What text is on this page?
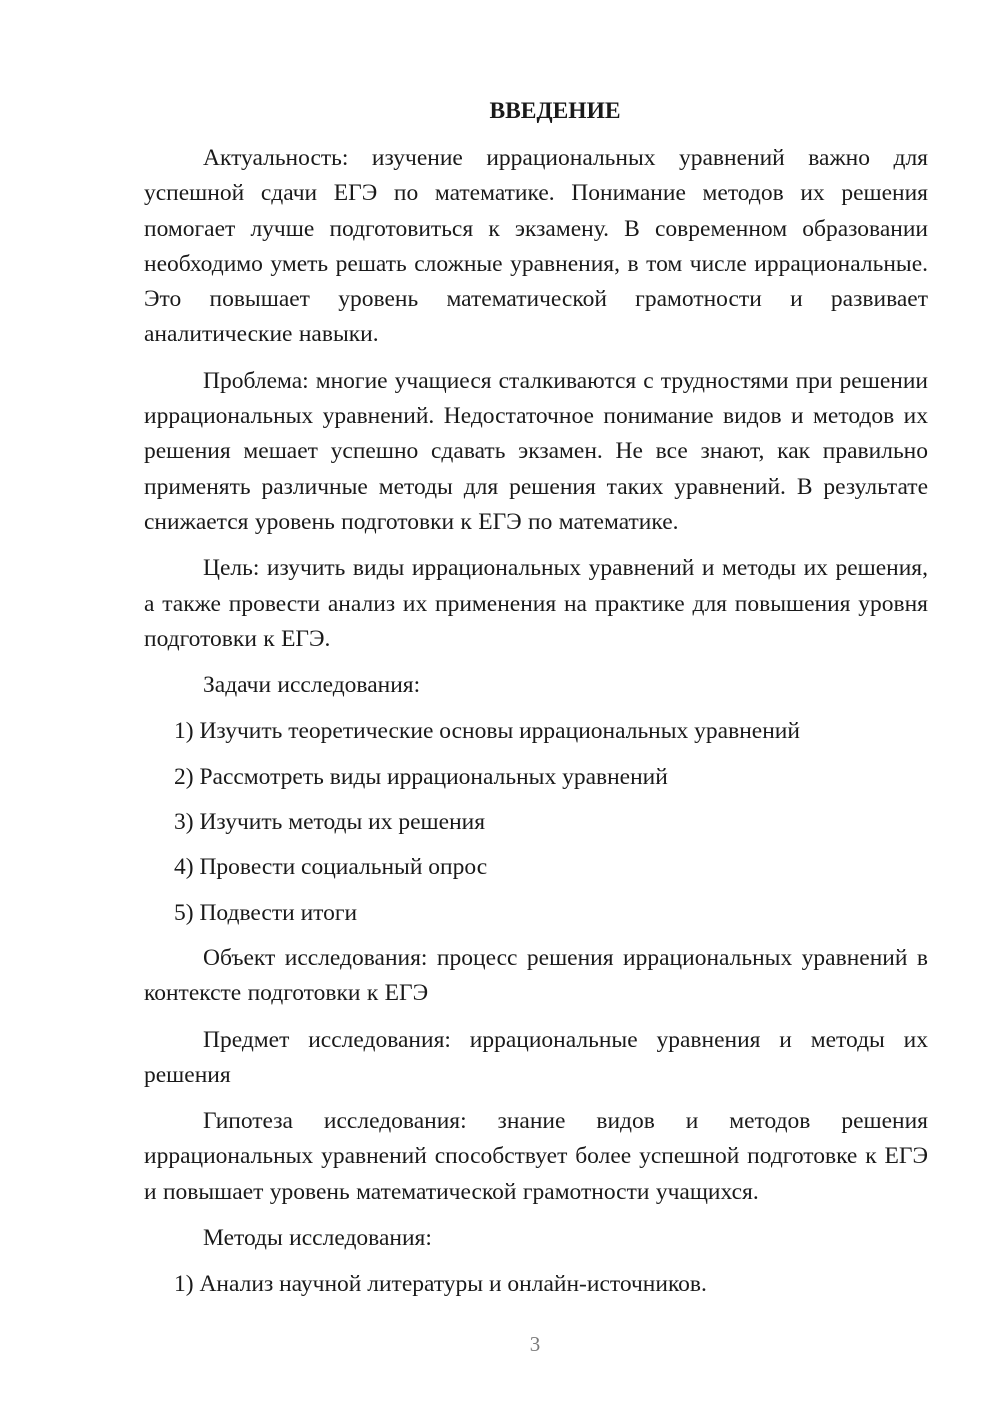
ВВЕДЕНИЕ

Актуальность: изучение иррациональных уравнений важно для успешной сдачи ЕГЭ по математике. Понимание методов их решения помогает лучше подготовиться к экзамену. В современном образовании необходимо уметь решать сложные уравнения, в том числе иррациональные. Это повышает уровень математической грамотности и развивает аналитические навыки.

Проблема: многие учащиеся сталкиваются с трудностями при решении иррациональных уравнений. Недостаточное понимание видов и методов их решения мешает успешно сдавать экзамен. Не все знают, как правильно применять различные методы для решения таких уравнений. В результате снижается уровень подготовки к ЕГЭ по математике.

Цель: изучить виды иррациональных уравнений и методы их решения, а также провести анализ их применения на практике для повышения уровня подготовки к ЕГЭ.

Задачи исследования:

1) Изучить теоретические основы иррациональных уравнений

2) Рассмотреть виды иррациональных уравнений

3) Изучить методы их решения

4) Провести социальный опрос

5) Подвести итоги

Объект исследования: процесс решения иррациональных уравнений в контексте подготовки к ЕГЭ

Предмет исследования: иррациональные уравнения и методы их решения

Гипотеза исследования: знание видов и методов решения иррациональных уравнений способствует более успешной подготовке к ЕГЭ и повышает уровень математической грамотности учащихся.

Методы исследования:

1) Анализ научной литературы и онлайн-источников.

3
